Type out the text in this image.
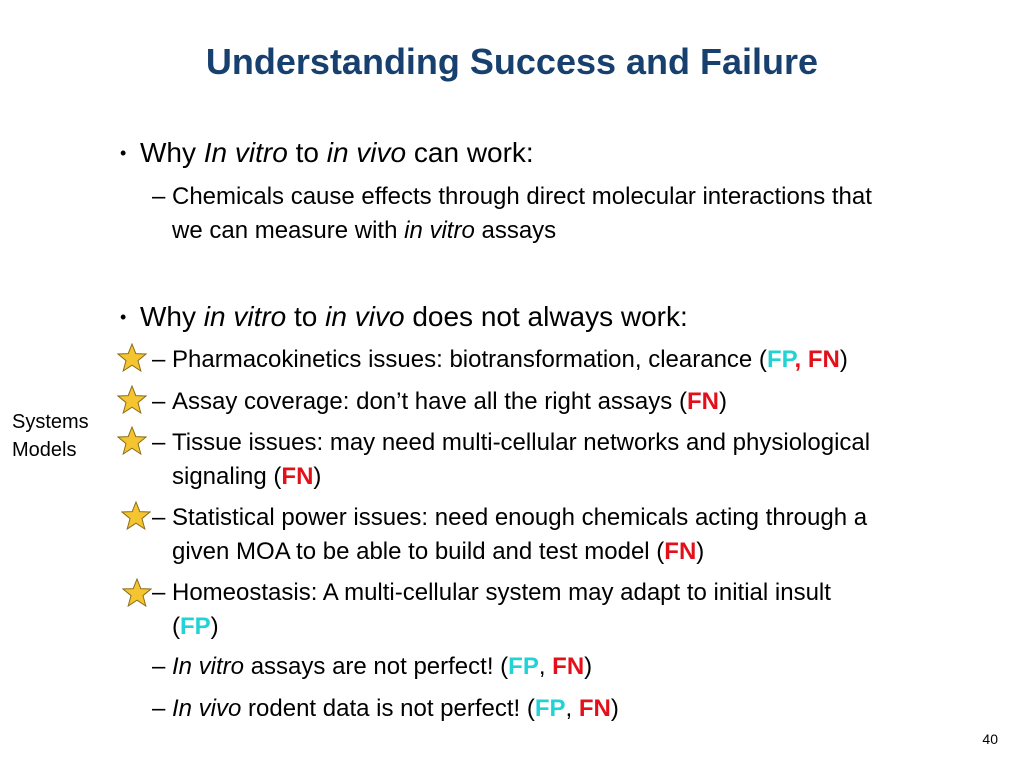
Understanding Success and Failure
• Why In vitro to in vivo can work:
– Chemicals cause effects through direct molecular interactions that
we can measure with in vitro assays
• Why in vitro to in vivo does not always work:
– Pharmacokinetics issues: biotransformation, clearance (FP, FN)
– Assay coverage: don’t have all the right assays (FN)
– Tissue issues: may need multi-cellular networks and physiological
signaling (FN)
– Statistical power issues: need enough chemicals acting through a
given MOA to be able to build and test model (FN)
– Homeostasis: A multi-cellular system may adapt to initial insult
(FP)
– In vitro assays are not perfect! (FP, FN)
– In vivo rodent data is not perfect! (FP, FN)
Systems
Models
40
